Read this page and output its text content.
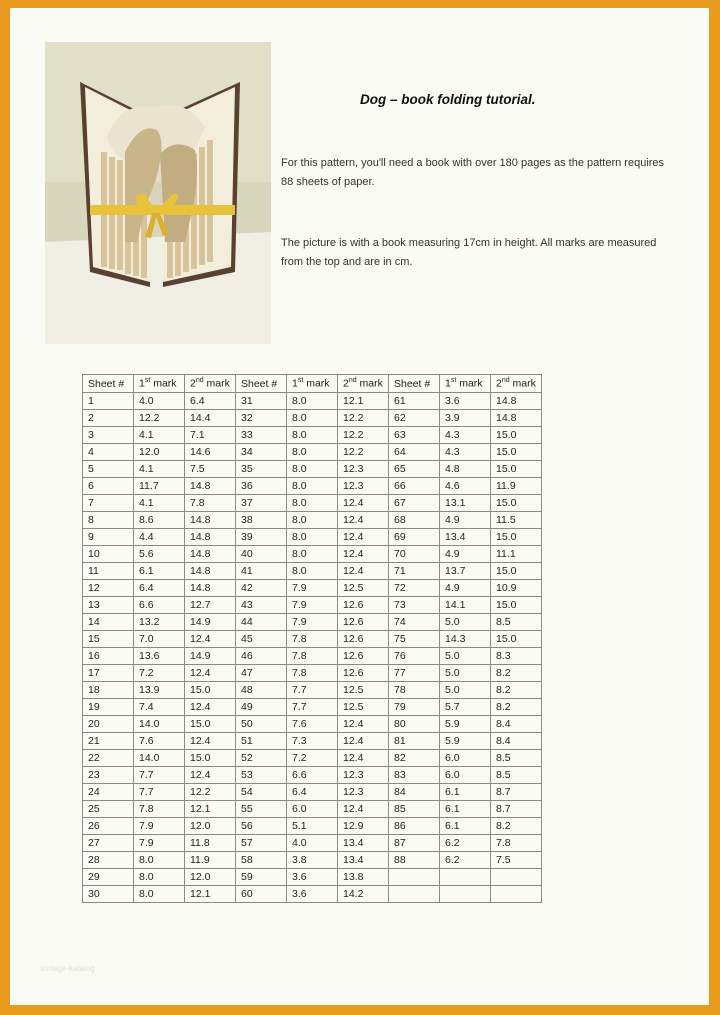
Dog – book folding tutorial.
For this pattern, you'll need a book with over 180 pages as the pattern requires 88 sheets of paper.
The picture is with a book measuring 17cm in height. All marks are measured from the top and are in cm.
Sheet #	1st mark	2nd mark	Sheet #	1st mark	2nd mark	Sheet #	1st mark	2nd mark
1	4.0	6.4	31	8.0	12.1	61	3.6	14.8
2	12.2	14.4	32	8.0	12.2	62	3.9	14.8
3	4.1	7.1	33	8.0	12.2	63	4.3	15.0
4	12.0	14.6	34	8.0	12.2	64	4.3	15.0
5	4.1	7.5	35	8.0	12.3	65	4.8	15.0
6	11.7	14.8	36	8.0	12.3	66	4.6	11.9
7	4.1	7.8	37	8.0	12.4	67	13.1	15.0
8	8.6	14.8	38	8.0	12.4	68	4.9	11.5
9	4.4	14.8	39	8.0	12.4	69	13.4	15.0
10	5.6	14.8	40	8.0	12.4	70	4.9	11.1
11	6.1	14.8	41	8.0	12.4	71	13.7	15.0
12	6.4	14.8	42	7.9	12.5	72	4.9	10.9
13	6.6	12.7	43	7.9	12.6	73	14.1	15.0
14	13.2	14.9	44	7.9	12.6	74	5.0	8.5
15	7.0	12.4	45	7.8	12.6	75	14.3	15.0
16	13.6	14.9	46	7.8	12.6	76	5.0	8.3
17	7.2	12.4	47	7.8	12.6	77	5.0	8.2
18	13.9	15.0	48	7.7	12.5	78	5.0	8.2
19	7.4	12.4	49	7.7	12.5	79	5.7	8.2
20	14.0	15.0	50	7.6	12.4	80	5.9	8.4
21	7.6	12.4	51	7.3	12.4	81	5.9	8.4
22	14.0	15.0	52	7.2	12.4	82	6.0	8.5
23	7.7	12.4	53	6.6	12.3	83	6.0	8.5
24	7.7	12.2	54	6.4	12.3	84	6.1	8.7
25	7.8	12.1	55	6.0	12.4	85	6.1	8.7
26	7.9	12.0	56	5.1	12.9	86	6.1	8.2
27	7.9	11.8	57	4.0	13.4	87	6.2	7.8
28	8.0	11.9	58	3.8	13.4	88	6.2	7.5
29	8.0	12.0	59	3.6	13.8			
30	8.0	12.1	60	3.6	14.2			
vorlage-katalog
